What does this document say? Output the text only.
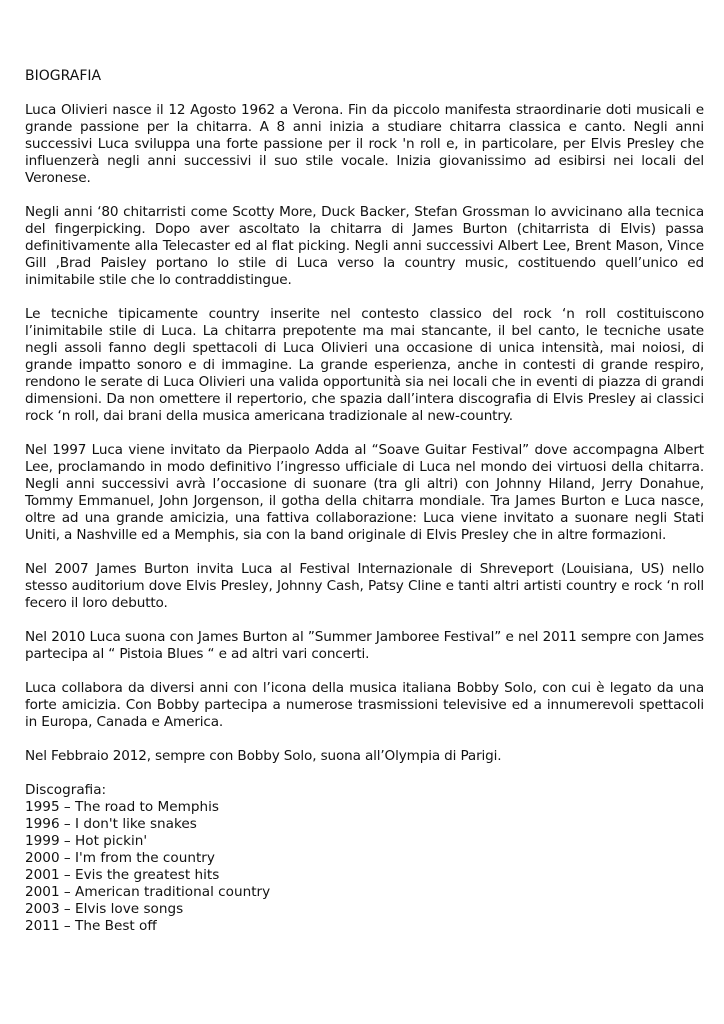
BIOGRAFIA

Luca Olivieri nasce il 12 Agosto 1962 a Verona. Fin da piccolo manifesta straordinarie doti musicali e grande passione per la chitarra. A 8 anni inizia a studiare chitarra classica e canto. Negli anni successivi Luca sviluppa una forte passione per il rock 'n roll e, in particolare, per Elvis Presley che influenzerà negli anni successivi il suo stile vocale. Inizia giovanissimo ad esibirsi nei locali del Veronese.

Negli anni ‘80 chitarristi come Scotty More, Duck Backer, Stefan Grossman lo avvicinano alla tecnica del fingerpicking. Dopo aver ascoltato la chitarra di James Burton (chitarrista di Elvis) passa definitivamente alla Telecaster ed al flat picking. Negli anni successivi Albert Lee, Brent Mason, Vince Gill ,Brad Paisley portano lo stile di Luca verso la country music, costituendo quell’unico ed inimitabile stile che lo contraddistingue.

Le tecniche tipicamente country inserite nel contesto classico del rock ‘n roll costituiscono l’inimitabile stile di Luca. La chitarra prepotente ma mai stancante, il bel canto, le tecniche usate negli assoli fanno degli spettacoli di Luca Olivieri una occasione di unica intensità, mai noiosi, di grande impatto sonoro e di immagine. La grande esperienza, anche in contesti di grande respiro, rendono le serate di Luca Olivieri una valida opportunità sia nei locali che in eventi di piazza di grandi dimensioni. Da non omettere il repertorio, che spazia dall’intera discografia di Elvis Presley ai classici rock ‘n roll, dai brani della musica americana tradizionale al new-country.

Nel 1997 Luca viene invitato da Pierpaolo Adda al “Soave Guitar Festival” dove accompagna Albert Lee, proclamando in modo definitivo l’ingresso ufficiale di Luca nel mondo dei virtuosi della chitarra. Negli anni successivi avrà l’occasione di suonare (tra gli altri) con Johnny Hiland, Jerry Donahue, Tommy Emmanuel, John Jorgenson, il gotha della chitarra mondiale. Tra James Burton e Luca nasce, oltre ad una grande amicizia, una fattiva collaborazione: Luca viene invitato a suonare negli Stati Uniti, a Nashville ed a Memphis, sia con la band originale di Elvis Presley che in altre formazioni.

Nel 2007 James Burton invita Luca al Festival Internazionale di Shreveport (Louisiana, US) nello stesso auditorium dove Elvis Presley, Johnny Cash, Patsy Cline e tanti altri artisti country e rock ‘n roll fecero il loro debutto.

Nel 2010 Luca suona con James Burton al ”Summer Jamboree Festival” e nel 2011 sempre con James partecipa al “ Pistoia Blues “ e ad altri vari concerti.

Luca collabora da diversi anni con l’icona della musica italiana Bobby Solo, con cui è legato da una forte amicizia. Con Bobby partecipa a numerose trasmissioni televisive ed a innumerevoli spettacoli in Europa, Canada e America.

Nel Febbraio 2012, sempre con Bobby Solo, suona all’Olympia di Parigi.

Discografia:
1995 – The road to Memphis
1996 – I don't like snakes
1999 – Hot pickin'
2000 – I'm from the country
2001 – Evis the greatest hits
2001 – American traditional country
2003 – Elvis love songs
2011 – The Best off
